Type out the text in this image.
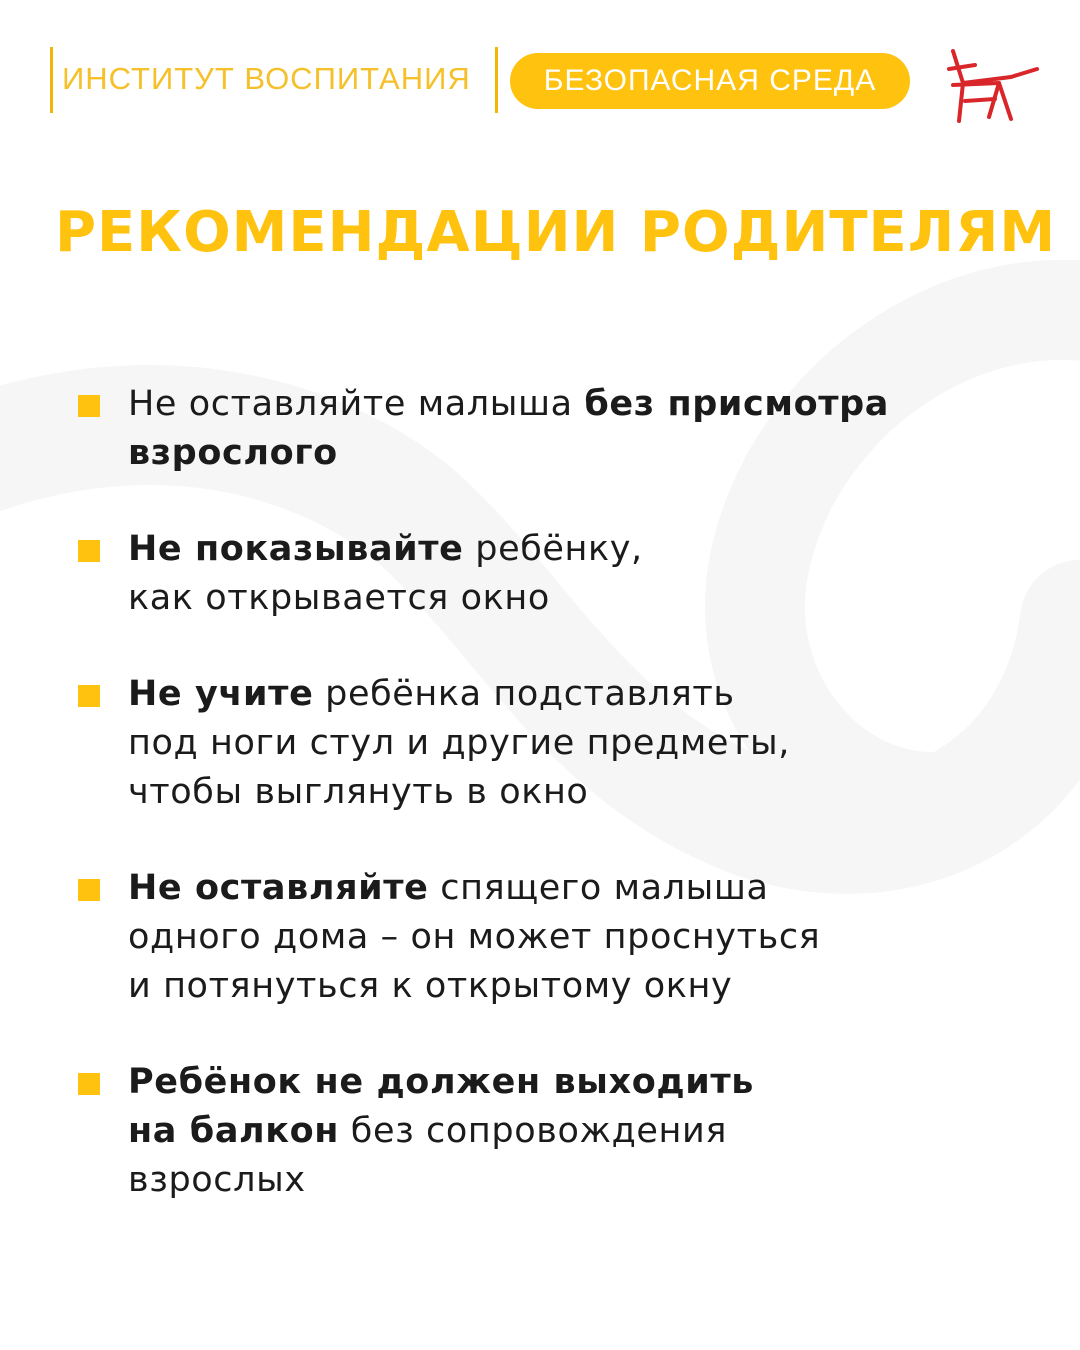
ИНСТИТУТ ВОСПИТАНИЯ	БЕЗОПАСНАЯ СРЕДА
РЕКОМЕНДАЦИИ РОДИТЕЛЯМ
Не оставляйте малыша без присмотра
взрослого
Не показывайте ребёнку,
как открывается окно
Не учите ребёнка подставлять
под ноги стул и другие предметы,
чтобы выглянуть в окно
Не оставляйте спящего малыша
одного дома – он может проснуться
и потянуться к открытому окну
Ребёнок не должен выходить
на балкон без сопровождения
взрослых
